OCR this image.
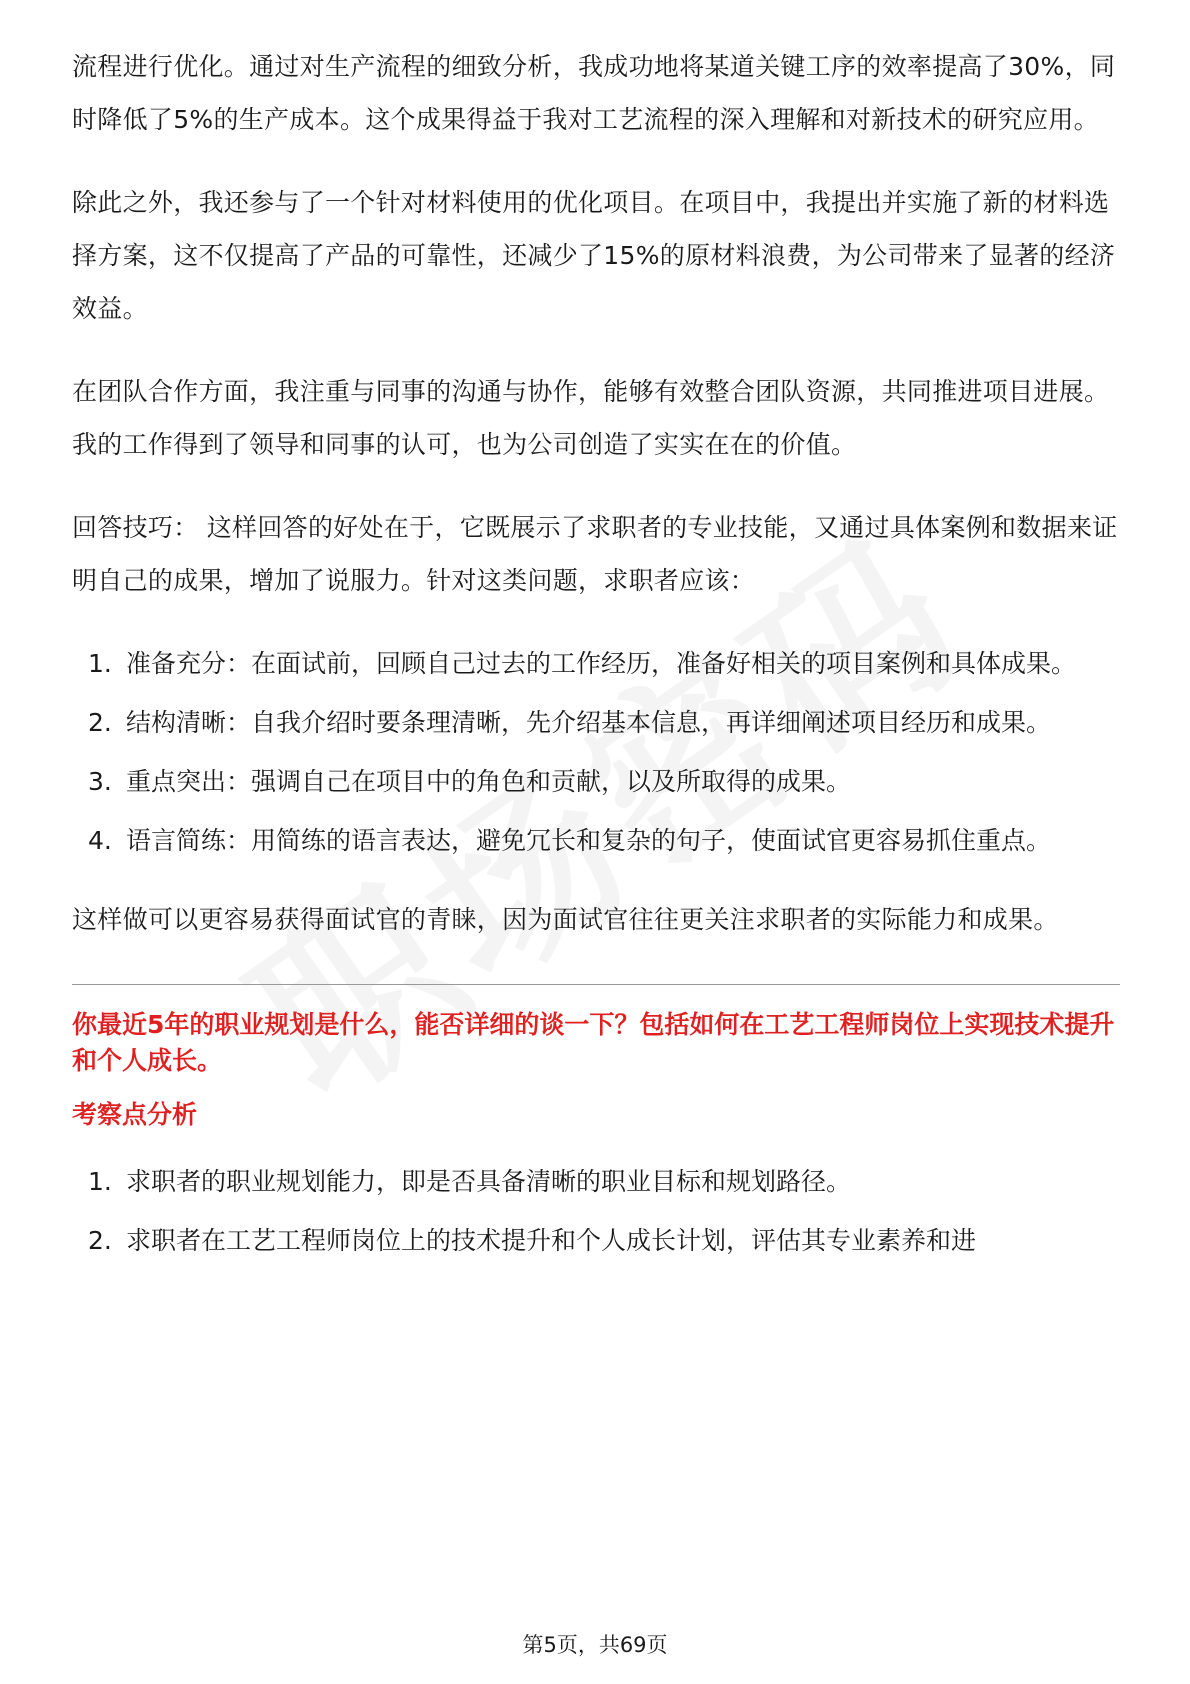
流程进行优化。通过对生产流程的细致分析，我成功地将某道关键工序的效率提高了30%，同时降低了5%的生产成本。这个成果得益于我对工艺流程的深入理解和对新技术的研究应用。

除此之外，我还参与了一个针对材料使用的优化项目。在项目中，我提出并实施了新的材料选择方案，这不仅提高了产品的可靠性，还减少了15%的原材料浪费，为公司带来了显著的经济效益。

在团队合作方面，我注重与同事的沟通与协作，能够有效整合团队资源，共同推进项目进展。我的工作得到了领导和同事的认可，也为公司创造了实实在在的价值。

回答技巧： 这样回答的好处在于，它既展示了求职者的专业技能，又通过具体案例和数据来证明自己的成果，增加了说服力。针对这类问题，求职者应该：

1. 准备充分：在面试前，回顾自己过去的工作经历，准备好相关的项目案例和具体成果。
2. 结构清晰：自我介绍时要条理清晰，先介绍基本信息，再详细阐述项目经历和成果。
3. 重点突出：强调自己在项目中的角色和贡献，以及所取得的成果。
4. 语言简练：用简练的语言表达，避免冗长和复杂的句子，使面试官更容易抓住重点。

这样做可以更容易获得面试官的青睐，因为面试官往往更关注求职者的实际能力和成果。

你最近5年的职业规划是什么，能否详细的谈一下？包括如何在工艺工程师岗位上实现技术提升和个人成长。
考察点分析
1. 求职者的职业规划能力，即是否具备清晰的职业目标和规划路径。
2. 求职者在工艺工程师岗位上的技术提升和个人成长计划，评估其专业素养和进
第5页，共69页
